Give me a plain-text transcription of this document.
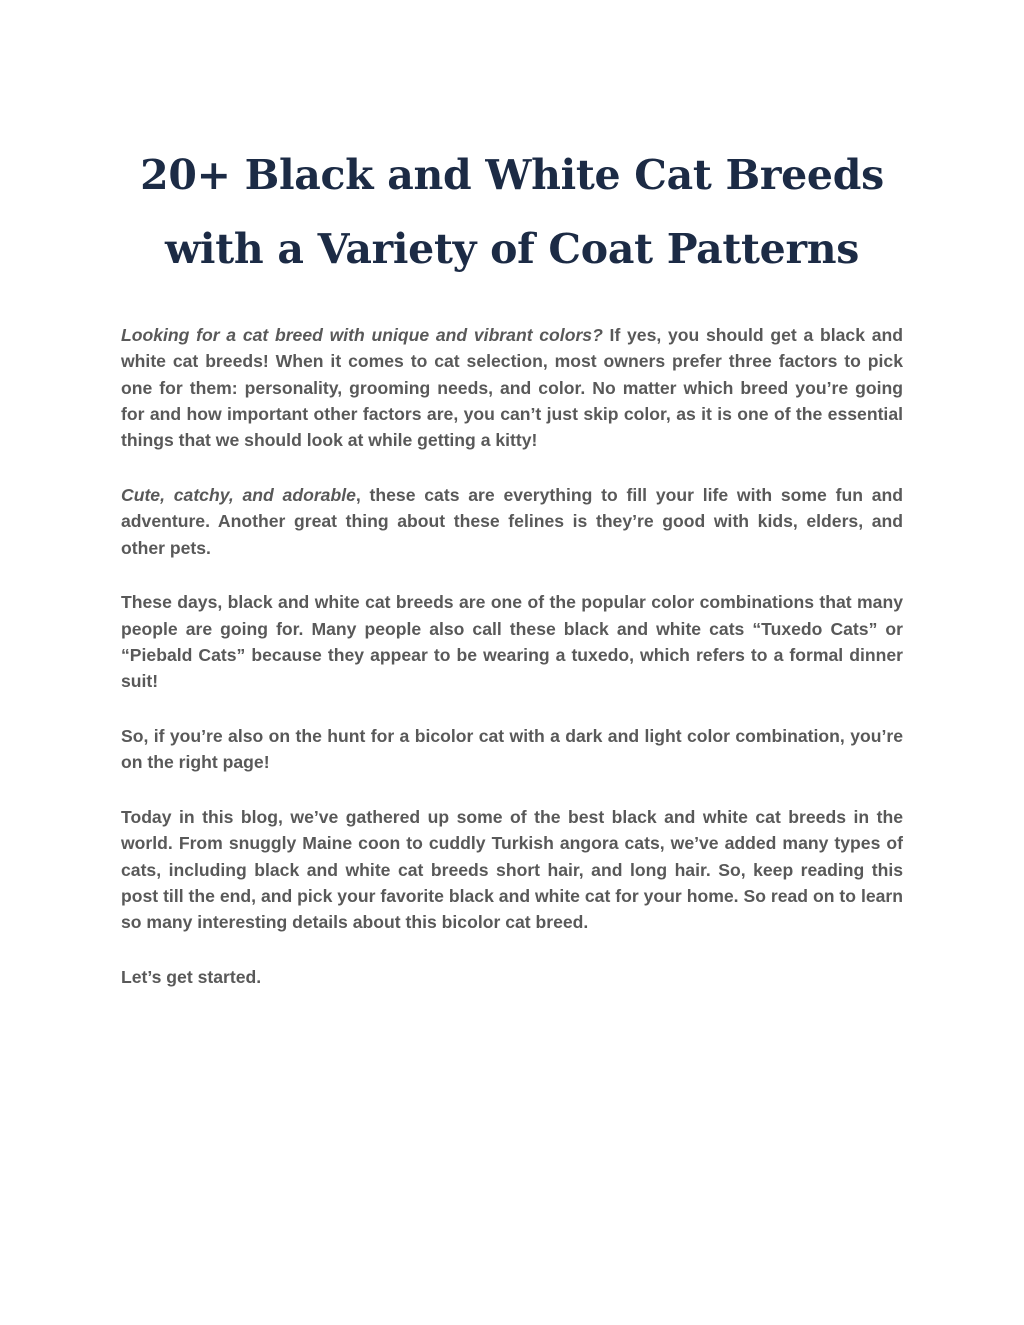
20+ Black and White Cat Breeds
with a Variety of Coat Patterns

Looking for a cat breed with unique and vibrant colors? If yes, you should get a black and white cat breeds! When it comes to cat selection, most owners prefer three factors to pick one for them: personality, grooming needs, and color. No matter which breed you’re going for and how important other factors are, you can’t just skip color, as it is one of the essential things that we should look at while getting a kitty!

Cute, catchy, and adorable, these cats are everything to fill your life with some fun and adventure. Another great thing about these felines is they’re good with kids, elders, and other pets.

These days, black and white cat breeds are one of the popular color combinations that many people are going for. Many people also call these black and white cats “Tuxedo Cats” or “Piebald Cats” because they appear to be wearing a tuxedo, which refers to a formal dinner suit!

So, if you’re also on the hunt for a bicolor cat with a dark and light color combination, you’re on the right page!

Today in this blog, we’ve gathered up some of the best black and white cat breeds in the world. From snuggly Maine coon to cuddly Turkish angora cats, we’ve added many types of cats, including black and white cat breeds short hair, and long hair. So, keep reading this post till the end, and pick your favorite black and white cat for your home. So read on to learn so many interesting details about this bicolor cat breed.

Let’s get started.
